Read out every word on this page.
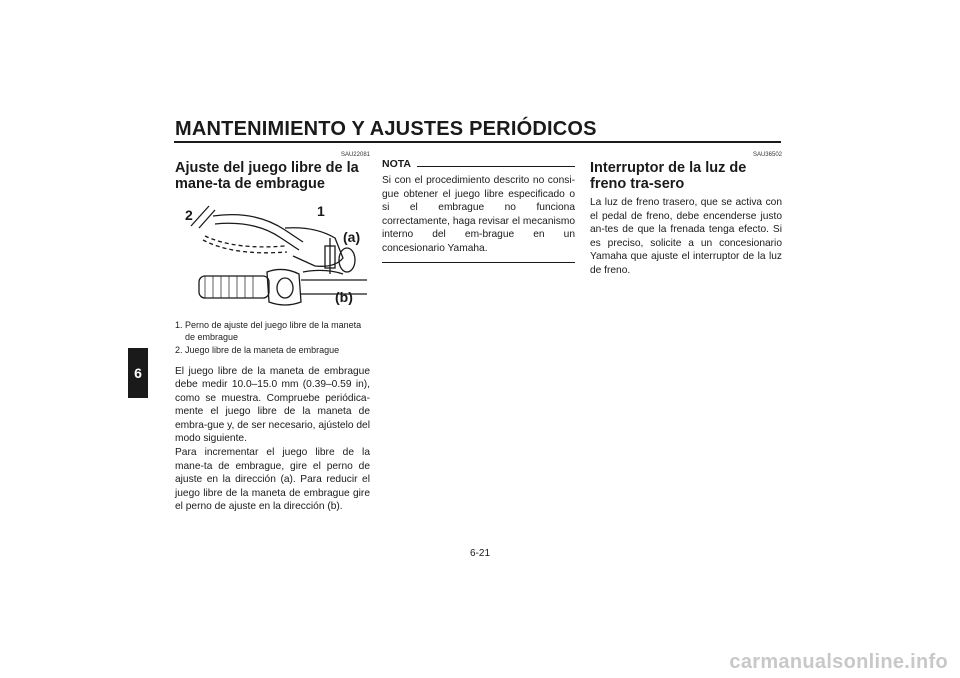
MANTENIMIENTO Y AJUSTES PERIÓDICOS
6
SAU22081
Ajuste del juego libre de la mane-ta de embrague
2	1
(a)
(b)
1. Perno de ajuste del juego libre de la maneta de embrague
2. Juego libre de la maneta de embrague

El juego libre de la maneta de embrague debe medir 10.0–15.0 mm (0.39–0.59 in), como se muestra. Compruebe periódica-mente el juego libre de la maneta de embra-gue y, de ser necesario, ajústelo del modo siguiente.

Para incrementar el juego libre de la mane-ta de embrague, gire el perno de ajuste en la dirección (a). Para reducir el juego libre de la maneta de embrague gire el perno de ajuste en la dirección (b).

NOTA

Si con el procedimiento descrito no consi-gue obtener el juego libre especificado o si el embrague no funciona correctamente, haga revisar el mecanismo interno del em-brague en un concesionario Yamaha.

SAU36502
Interruptor de la luz de freno tra-sero

La luz de freno trasero, que se activa con el pedal de freno, debe encenderse justo an-tes de que la frenada tenga efecto. Si es preciso, solicite a un concesionario Yamaha que ajuste el interruptor de la luz de freno.

6-21
carmanualsonline.info
